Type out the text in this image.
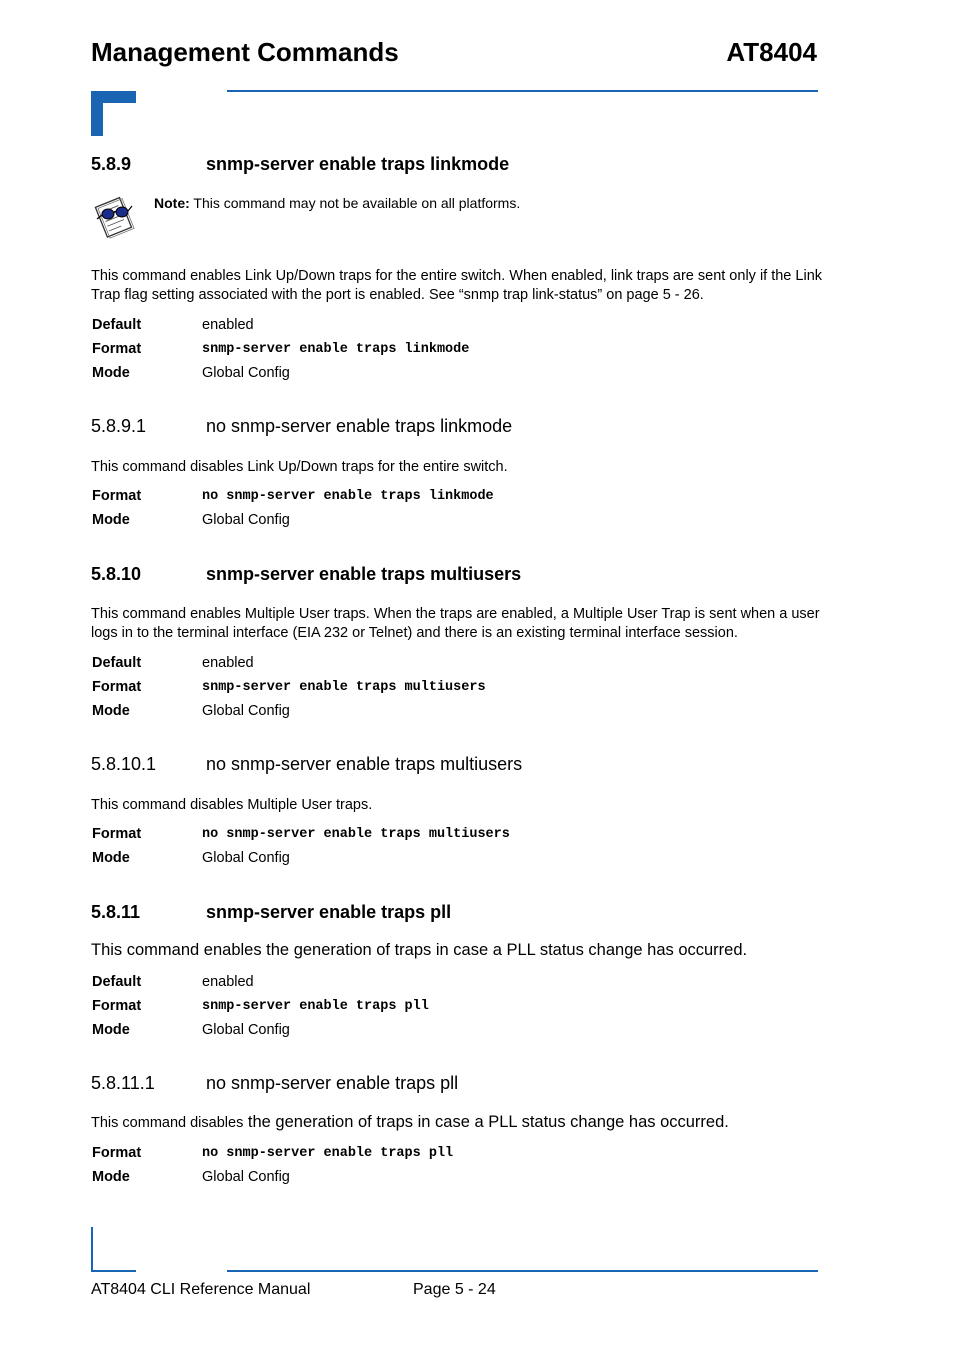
Management Commands	AT8404
5.8.9	snmp-server enable traps linkmode
Note: This command may not be available on all platforms.
This command enables Link Up/Down traps for the entire switch. When enabled, link traps are sent only if the Link Trap flag setting associated with the port is enabled. See “snmp trap link-status” on page 5 - 26.
Default	enabled
Format	snmp-server enable traps linkmode
Mode	Global Config
5.8.9.1	no snmp-server enable traps linkmode
This command disables Link Up/Down traps for the entire switch.
Format	no snmp-server enable traps linkmode
Mode	Global Config
5.8.10	snmp-server enable traps multiusers
This command enables Multiple User traps. When the traps are enabled, a Multiple User Trap is sent when a user logs in to the terminal interface (EIA 232 or Telnet) and there is an existing terminal interface session.
Default	enabled
Format	snmp-server enable traps multiusers
Mode	Global Config
5.8.10.1	no snmp-server enable traps multiusers
This command disables Multiple User traps.
Format	no snmp-server enable traps multiusers
Mode	Global Config
5.8.11	snmp-server enable traps pll
This command enables the generation of traps in case a PLL status change has occurred.
Default	enabled
Format	snmp-server enable traps pll
Mode	Global Config
5.8.11.1	no snmp-server enable traps pll
This command disables the generation of traps in case a PLL status change has occurred.
Format	no snmp-server enable traps pll
Mode	Global Config
AT8404 CLI Reference Manual	Page 5 - 24
